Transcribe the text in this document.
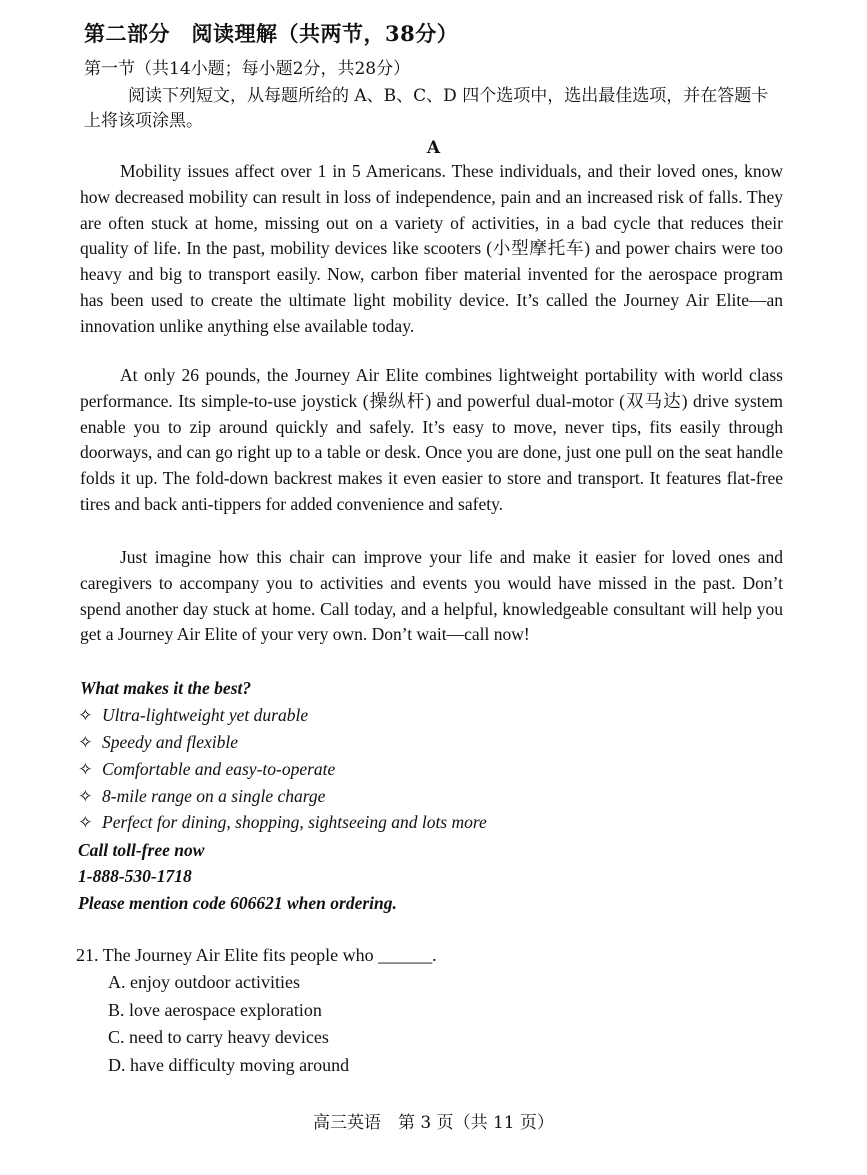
第二部分　阅读理解（共两节，38分）
第一节（共14小题；每小题2分，共28分）
阅读下列短文，从每题所给的 A、B、C、D 四个选项中，选出最佳选项，并在答题卡上将该项涂黑。
A
Mobility issues affect over 1 in 5 Americans. These individuals, and their loved ones, know how decreased mobility can result in loss of independence, pain and an increased risk of falls. They are often stuck at home, missing out on a variety of activities, in a bad cycle that reduces their quality of life. In the past, mobility devices like scooters (小型摩托车) and power chairs were too heavy and big to transport easily. Now, carbon fiber material invented for the aerospace program has been used to create the ultimate light mobility device. It’s called the Journey Air Elite—an innovation unlike anything else available today.
At only 26 pounds, the Journey Air Elite combines lightweight portability with world class performance. Its simple-to-use joystick (操纵杆) and powerful dual-motor (双马达) drive system enable you to zip around quickly and safely. It’s easy to move, never tips, fits easily through doorways, and can go right up to a table or desk. Once you are done, just one pull on the seat handle folds it up. The fold-down backrest makes it even easier to store and transport. It features flat-free tires and back anti-tippers for added convenience and safety.
Just imagine how this chair can improve your life and make it easier for loved ones and caregivers to accompany you to activities and events you would have missed in the past. Don’t spend another day stuck at home. Call today, and a helpful, knowledgeable consultant will help you get a Journey Air Elite of your very own. Don’t wait—call now!
What makes it the best?
✧ Ultra-lightweight yet durable
✧ Speedy and flexible
✧ Comfortable and easy-to-operate
✧ 8-mile range on a single charge
✧ Perfect for dining, shopping, sightseeing and lots more
Call toll-free now
1-888-530-1718
Please mention code 606621 when ordering.
21. The Journey Air Elite fits people who ______.
A. enjoy outdoor activities
B. love aerospace exploration
C. need to carry heavy devices
D. have difficulty moving around
高三英语　第 3 页（共 11 页）
